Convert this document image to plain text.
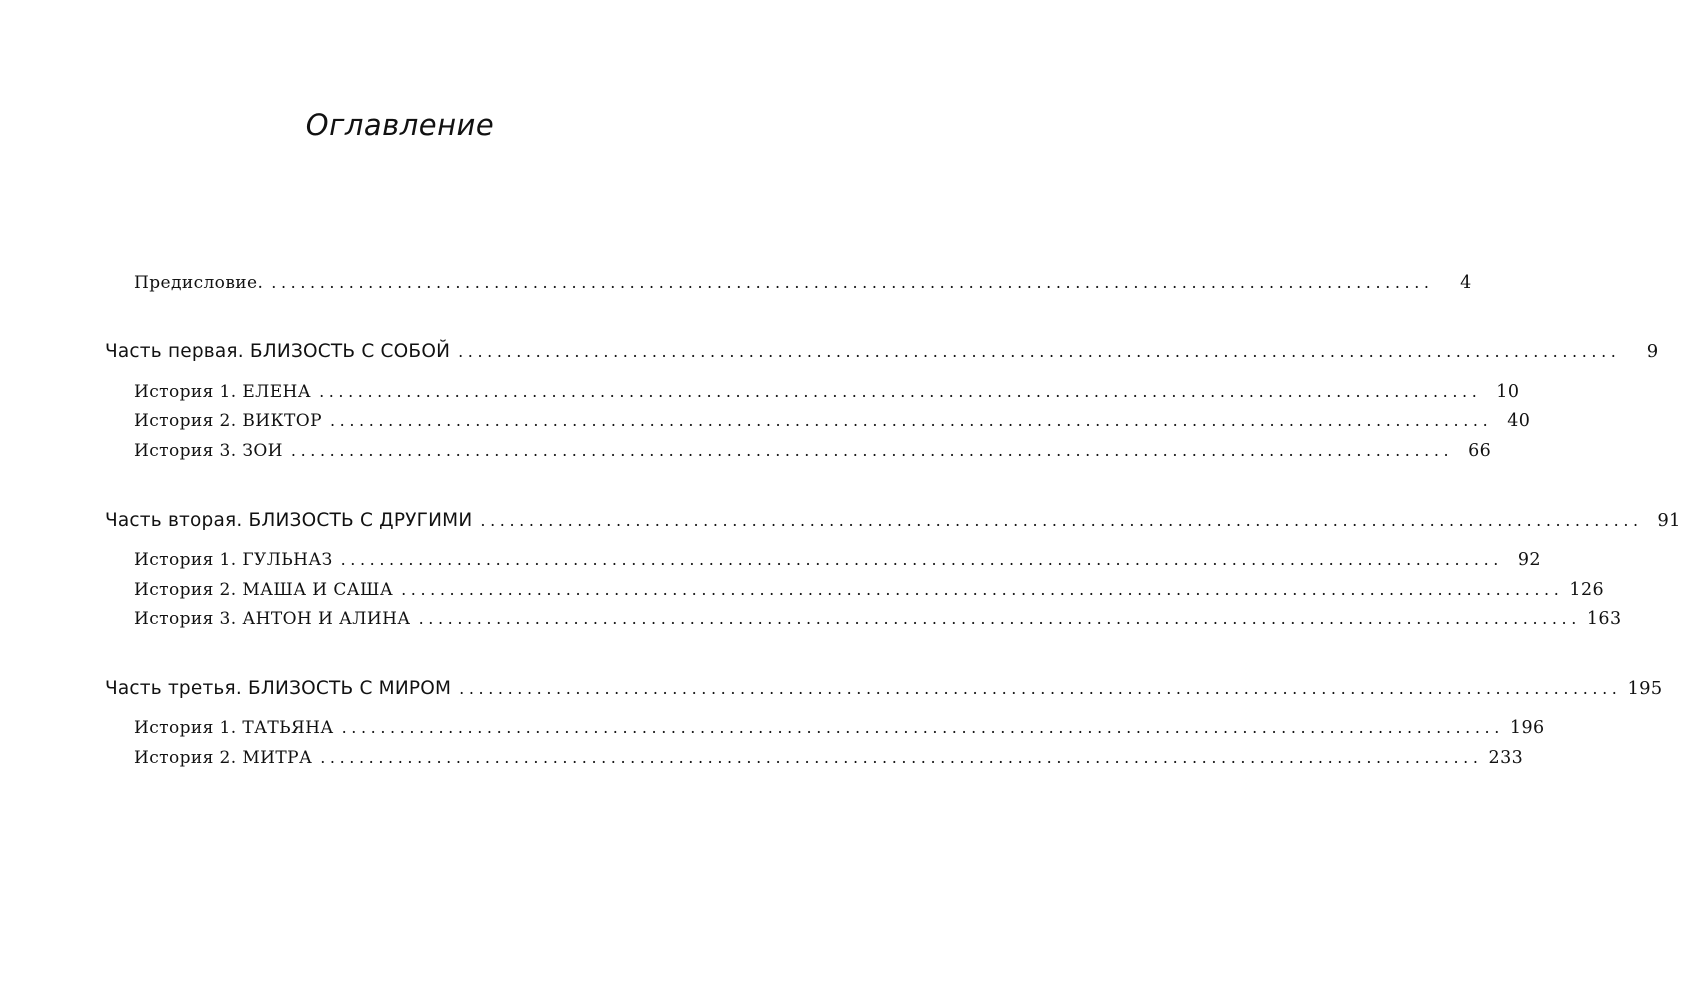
Оглавление
Предисловие. ........................................................................................................................	4
Часть первая. БЛИЗОСТЬ С СОБОЙ ........................................................................................................................	9
История 1. ЕЛЕНА ........................................................................................................................ 10
История 2. ВИКТОР ........................................................................................................................ 40
История 3. ЗОИ ........................................................................................................................ 66
Часть вторая. БЛИЗОСТЬ С ДРУГИМИ ........................................................................................................................ 91
История 1. ГУЛЬНАЗ ........................................................................................................................ 92
История 2. МАША И САША ........................................................................................................................ 126
История 3. АНТОН И АЛИНА ........................................................................................................................ 163
Часть третья. БЛИЗОСТЬ С МИРОМ ........................................................................................................................ 195
История 1. ТАТЬЯНА ........................................................................................................................ 196
История 2. МИТРА ........................................................................................................................ 233
